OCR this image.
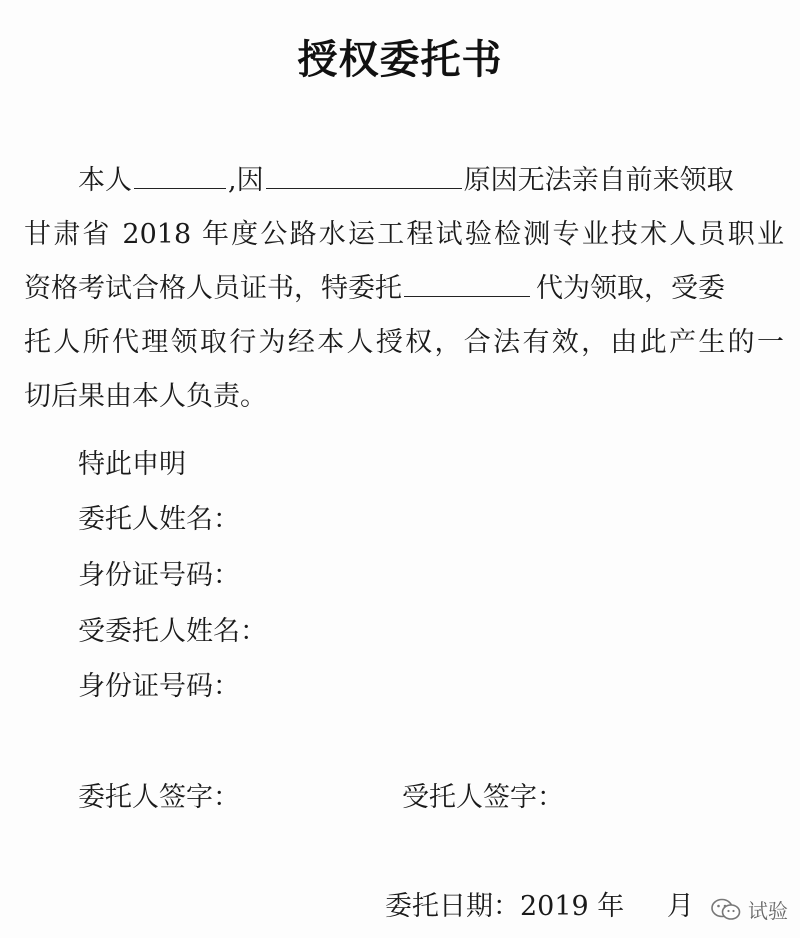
授权委托书
本人	,因	原因无法亲自前来领取
甘肃省 2018 年度公路水运工程试验检测专业技术人员职业
资格考试合格人员证书，特委托	代为领取，受委
托人所代理领取行为经本人授权，合法有效，由此产生的一
切后果由本人负责。
特此申明
委托人姓名：
身份证号码：
受委托人姓名：
身份证号码：
委托人签字：	受托人签字：
委托日期：2019 年 月	试验
